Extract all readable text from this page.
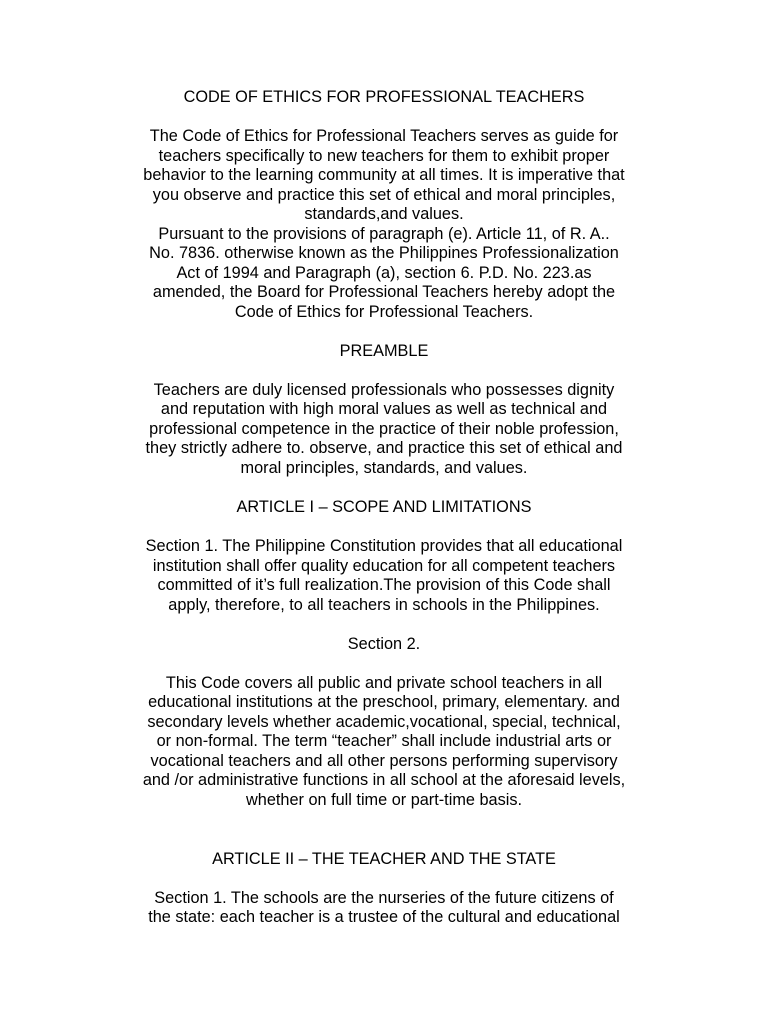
CODE OF ETHICS FOR PROFESSIONAL TEACHERS

The Code of Ethics for Professional Teachers serves as guide for

teachers specifically to new teachers for them to exhibit proper

behavior to the learning community at all times. It is imperative that

you observe and practice this set of ethical and moral principles,

standards,and values.

Pursuant to the provisions of paragraph (e). Article 11, of R. A..

No. 7836. otherwise known as the Philippines Professionalization

Act of 1994 and Paragraph (a), section 6. P.D. No. 223.as

amended, the Board for Professional Teachers hereby adopt the

Code of Ethics for Professional Teachers.

PREAMBLE

Teachers are duly licensed professionals who possesses dignity

and reputation with high moral values as well as technical and

professional competence in the practice of their noble profession,

they strictly adhere to. observe, and practice this set of ethical and

moral principles, standards, and values.

ARTICLE I – SCOPE AND LIMITATIONS

Section 1. The Philippine Constitution provides that all educational

institution shall offer quality education for all competent teachers

committed of it’s full realization.The provision of this Code shall

apply, therefore, to all teachers in schools in the Philippines.

Section 2.

This Code covers all public and private school teachers in all

educational institutions at the preschool, primary, elementary. and

secondary levels whether academic,vocational, special, technical,

or non-formal. The term “teacher” shall include industrial arts or

vocational teachers and all other persons performing supervisory

and /or administrative functions in all school at the aforesaid levels,

whether on full time or part-time basis.

ARTICLE II – THE TEACHER AND THE STATE

Section 1. The schools are the nurseries of the future citizens of

the state: each teacher is a trustee of the cultural and educational
